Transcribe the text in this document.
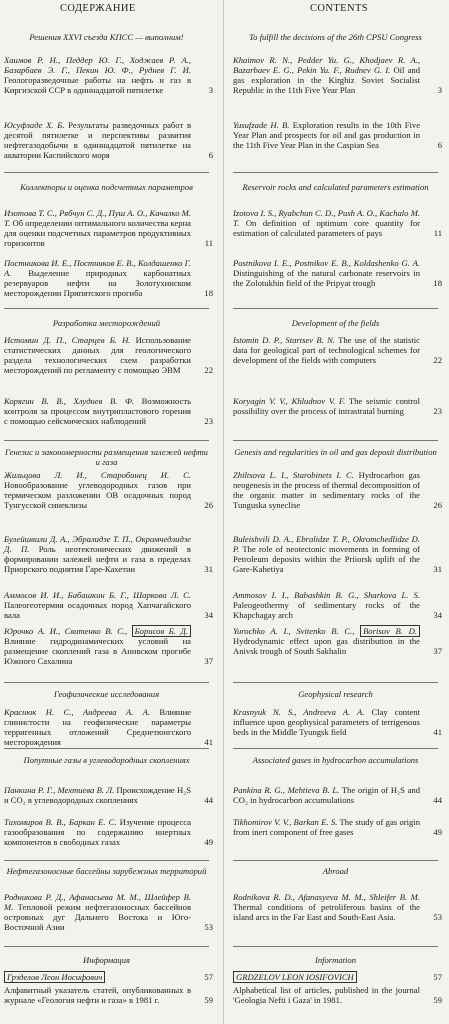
СОДЕРЖАНИЕ	CONTENTS
Решения XXVI съезда КПСС — выполним!
Хаимов Р. Н., Педдер Ю. Г., Ходжаев Р. А., Базарбаев Э. Г., Пекин Ю. Ф., Руднев Г. И. Геологоразведочные работы на нефть и газ в Киргизской ССР в одиннадцатой пятилетке	3
Юсуфзаде Х. Б. Результаты разведочных работ в десятой пятилетке и перспективы развития нефтегазодобычи в одиннадцатой пятилетке на акватории Каспийского моря	6
Коллекторы и оценка подсчетных параметров
Изотова Т. С., Рябчун С. Д., Пуш А. О., Качалко М. Т. Об определении оптимального количества керна для оценки подсчетных параметров продуктивных горизонтов	11
Постникова И. Е., Постников Е. В., Колдашенко Г. А. Выделение природных карбонатных резервуаров нефти на Золотухинском месторождении Припятского прогиба	18
Разработка месторождений
Истомин Д. П., Старцев Б. Н. Использование статистических данных для геологического раздела технологических схем разработки месторождений по регламенту с помощью ЭВМ	22
Корягин В. В., Хлуднев В. Ф. Возможность контроля за процессом внутрипластового горения с помощью сейсмических наблюдений	23
Генезис и закономерности размещения залежей нефти и газа
Жильцова Л. И., Старобинец И. С. Новообразование углеводородных газов при термическом разложении ОВ осадочных пород Тунгусской синеклизы	26
Булейшвили Д. А., Эбралидзе Т. П., Окромчедлидзе Д. П. Роль неотектонических движений в формировании залежей нефти и газа в пределах Приорского поднятия Гаре-Кахетии	31
Аммосов И. И., Бабашкин Б. Г., Шаркова Л. С. Палеогеотермия осадочных пород Хапчагайского вала	34
Юрочко А. И., Свитенко В. С., Борисов Б. Д. Влияние гидродинамических условий на размещение скоплений газа в Анивском прогибе Южного Сахалина	37
Геофизические исследования
Краснюк Н. С., Андреева А. А. Влияние глинистости на геофизические параметры терригенных отложений Среднетюнгского месторождения	41
Попутные газы в углеводородных скоплениях
Панкина Р. Г., Мехтиева В. Л. Происхождение H₂S и CO₂ в углеводородных скоплениях	44
Тихомиров В. В., Баркан Е. С. Изучение процесса газообразования по содержанию инертных компонентов в свободных газах	49
Нефтегазоносные бассейны зарубежных территорий
Родникова Р. Д., Афанасьева М. М., Шлейфер В. М. Тепловой режим нефтегазоносных бассейнов островных дуг Дальнего Востока и Юго-Восточной Азии	53
Информация
Грзделов Леон Иосифович	57
Алфавитный указатель статей, опубликованных в журнале «Геология нефти и газа» в 1981 г.	59
To fulfill the decisions of the 26th CPSU Congress
Khaimov R. N., Pedder Yu. G., Khodjaev R. A., Bazarbaev E. G., Pekin Yu. F., Rudnev G. I. Oil and gas exploration in the Kirghiz Soviet Socialist Republic in the 11th Five Year Plan	3
Yusufzade H. B. Exploration results in the 10th Five Year Plan and prospects for oil and gas production in the 11th Five Year Plan in the Caspian Sea	6
Reservoir rocks and calculated parameters estimation
Izotova I. S., Ryabchun C. D., Push A. O., Kachalo M. T. On definition of optimum core quantity for estimation of calculated parameters of pays	11
Postnikova I. E., Postnikov E. B., Koldashenko G. A. Distinguishing of the natural carbonate reservoirs in the Zolotukhin field of the Pripyat trough	18
Development of the fields
Istomin D. P., Startsev B. N. The use of the statistic data for geological part of technological schemes for development of the fields with computers	22
Koryagin V. V., Khludnov V. F. The seismic control possibility over the process of intrastratal burning	23
Genesis and regularities in oil and gas deposit distribution
Zhiltsova L. I., Starobinets I. C. Hydrocarbon gas neogenesis in the process of thermal decomposition of the organic matter in sedimentary rocks of the Tunguska syneclise	26
Buleishvili D. A., Ebralidze T. P., Okromchedlidze D. P. The role of neotectonic movements in forming of Petroleum deposits within the Priiorsk uplift of the Gare-Kahetiya	31
Ammosov I. I., Babashkin B. G., Sharkova L. S. Paleogeothermy of sedimentary rocks of the Khapchagay arch	34
Yurochko A. I., Svitenko B. C., Borisov B. D. Hydrodynamic effect upon gas distribution in the Anivsk trough of South Sakhalin	37
Geophysical research
Krasnyuk N. S., Andreeva A. A. Clay content influence upon geophysical parameters of terrigenous beds in the Middle Tyungsk field	41
Associated gases in hydrocarbon accumulations
Pankina R. G., Mehtieva B. L. The origin of H₂S and CO₂ in hydrocarbon accumulations	44
Tikhomirov V. V., Barkan E. S. The study of gas origin from inert component of free gases	49
Abroad
Rodnikova R. D., Afanasyeva M. M., Shleifer B. M. Thermal conditions of petroliferous basins of the island arcs in the Far East and South-East Asia.	53
Information
GRDZELOV LEON IOSIFOVICH	57
Alphabetical list of articles, published in the journal 'Geologia Nefti i Gaza' in 1981.	59
